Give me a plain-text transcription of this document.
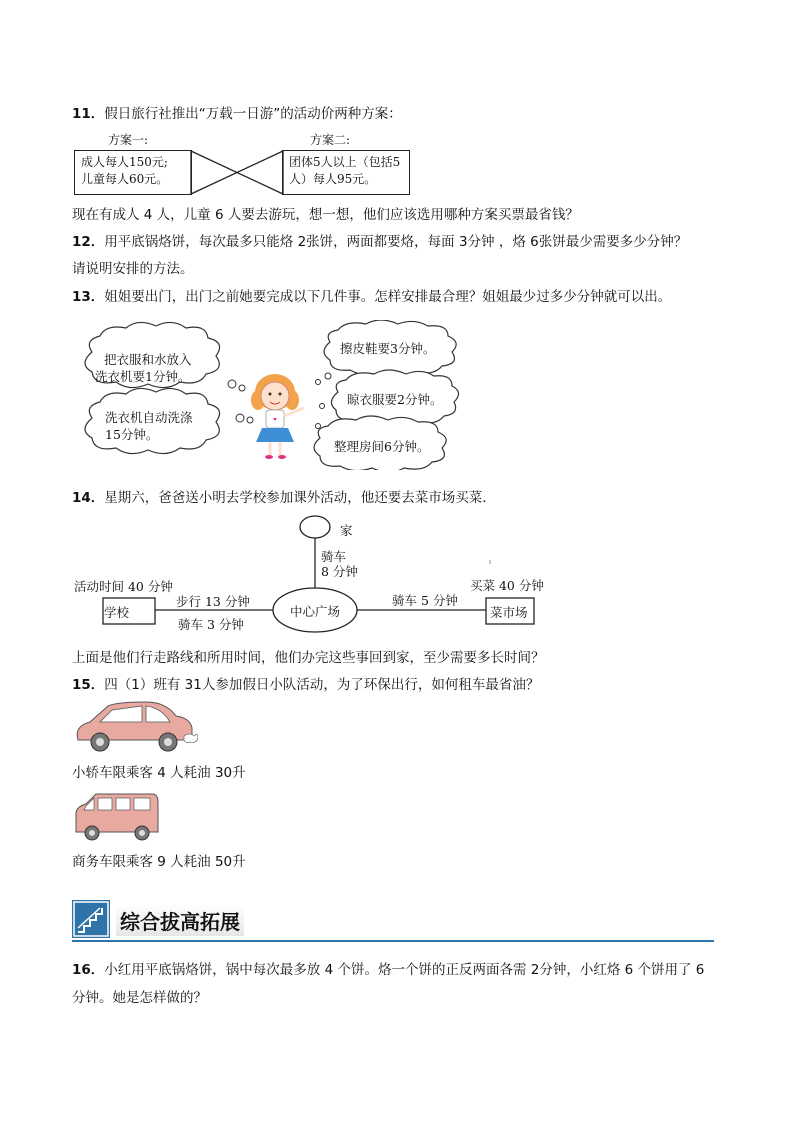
11．假日旅行社推出“万载一日游”的活动价两种方案：
方案一:	方案二:
成人每人150元;
儿童每人60元。
团体5人以上（包括5
人）每人95元。
现在有成人 4 人，儿童 6 人要去游玩，想一想，他们应该选用哪种方案买票最省钱？
12．用平底锅烙饼，每次最多只能烙 2张饼，两面都要烙，每面 3分钟 ，烙 6张饼最少需要多少分钟？
请说明安排的方法。
13．姐姐要出门，出门之前她要完成以下几件事。怎样安排最合理？姐姐最少过多少分钟就可以出。
把衣服和水放入
洗衣机要1分钟。
洗衣机自动洗涤
15分钟。
擦皮鞋要3分钟。
晾衣服要2分钟。
整理房间6分钟。
14．星期六，爸爸送小明去学校参加课外活动，他还要去菜市场买菜．
家
骑车
8 分钟
活动时间 40 分钟
学校
步行 13 分钟
骑车 3 分钟
中心广场
骑车 5 分钟
买菜 40 分钟
菜市场
上面是他们行走路线和所用时间，他们办完这些事回到家，至少需要多长时间？
15．四（1）班有 31人参加假日小队活动，为了环保出行，如何租车最省油？
小轿车限乘客 4 人耗油 30升
商务车限乘客 9 人耗油 50升
综合拔高拓展
16．小红用平底锅烙饼，锅中每次最多放 4 个饼。烙一个饼的正反两面各需 2分钟，小红烙 6 个饼用了 6
分钟。她是怎样做的？
